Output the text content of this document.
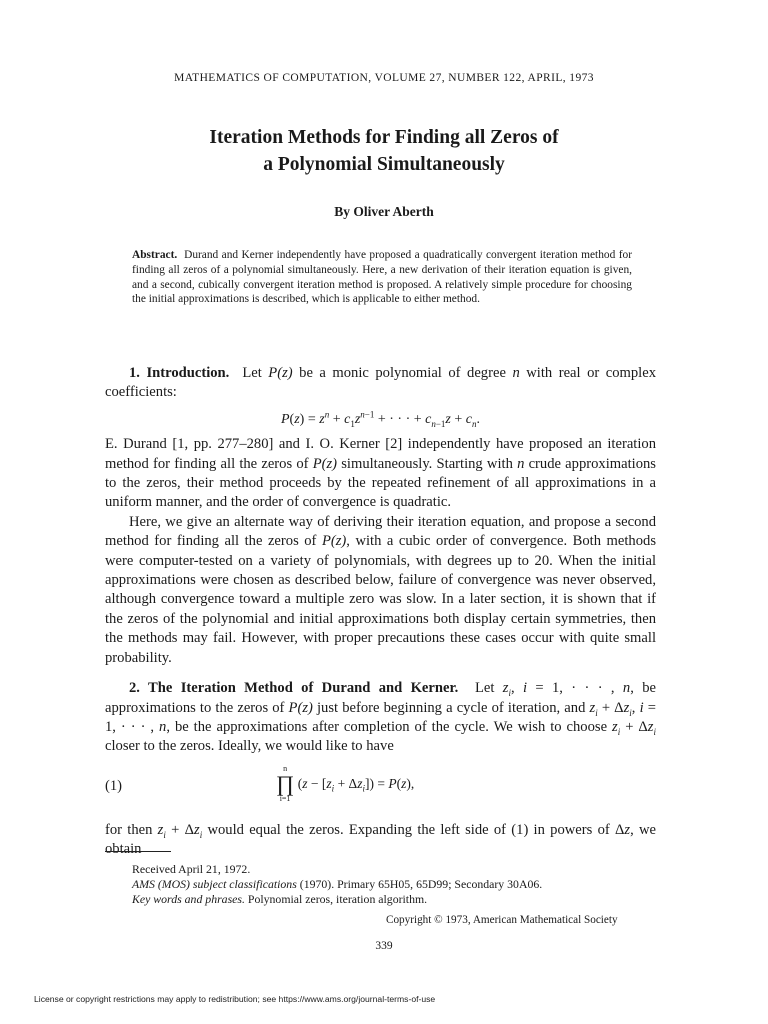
MATHEMATICS OF COMPUTATION, VOLUME 27, NUMBER 122, APRIL, 1973
Iteration Methods for Finding all Zeros of
a Polynomial Simultaneously
By Oliver Aberth
Abstract. Durand and Kerner independently have proposed a quadratically convergent iteration method for finding all zeros of a polynomial simultaneously. Here, a new derivation of their iteration equation is given, and a second, cubically convergent iteration method is proposed. A relatively simple procedure for choosing the initial approximations is described, which is applicable to either method.

1. Introduction. Let P(z) be a monic polynomial of degree n with real or complex coefficients:

$P(z) = z^n + c_1z^{n-1}$ + · · · + $c_{n-1}z + c_n$.

E. Durand [1, pp. 277–280] and I. O. Kerner [2] independently have proposed an iteration method for finding all the zeros of P(z) simultaneously. Starting with n crude approximations to the zeros, their method proceeds by the repeated refinement of all approximations in a uniform manner, and the order of convergence is quadratic.

Here, we give an alternate way of deriving their iteration equation, and propose a second method for finding all the zeros of P(z), with a cubic order of convergence. Both methods were computer-tested on a variety of polynomials, with degrees up to 20. When the initial approximations were chosen as described below, failure of convergence was never observed, although convergence toward a multiple zero was slow. In a later section, it is shown that if the zeros of the polynomial and initial approximations both display certain symmetries, then the methods may fail. However, with proper precautions these cases occur with quite small probability.

2. The Iteration Method of Durand and Kerner. Let $z_i$, i = 1, · · · , n, be approximations to the zeros of P(z) just before beginning a cycle of iteration, and $z_i + \Delta z_i$, i = 1, · · · , n, be the approximations after completion of the cycle. We wish to choose $z_i + \Delta z_i$ closer to the zeros. Ideally, we would like to have

(1)
n
∏
i=1
$(z - [z_i + \Delta z_i]) = P(z)$,

for then $z_i + \Delta z_i$ would equal the zeros. Expanding the left side of (1) in powers of Δz, we obtain

Received April 21, 1972.
AMS (MOS) subject classifications (1970). Primary 65H05, 65D99; Secondary 30A06.
Key words and phrases. Polynomial zeros, iteration algorithm.
Copyright © 1973, American Mathematical Society
339
License or copyright restrictions may apply to redistribution; see https://www.ams.org/journal-terms-of-use
